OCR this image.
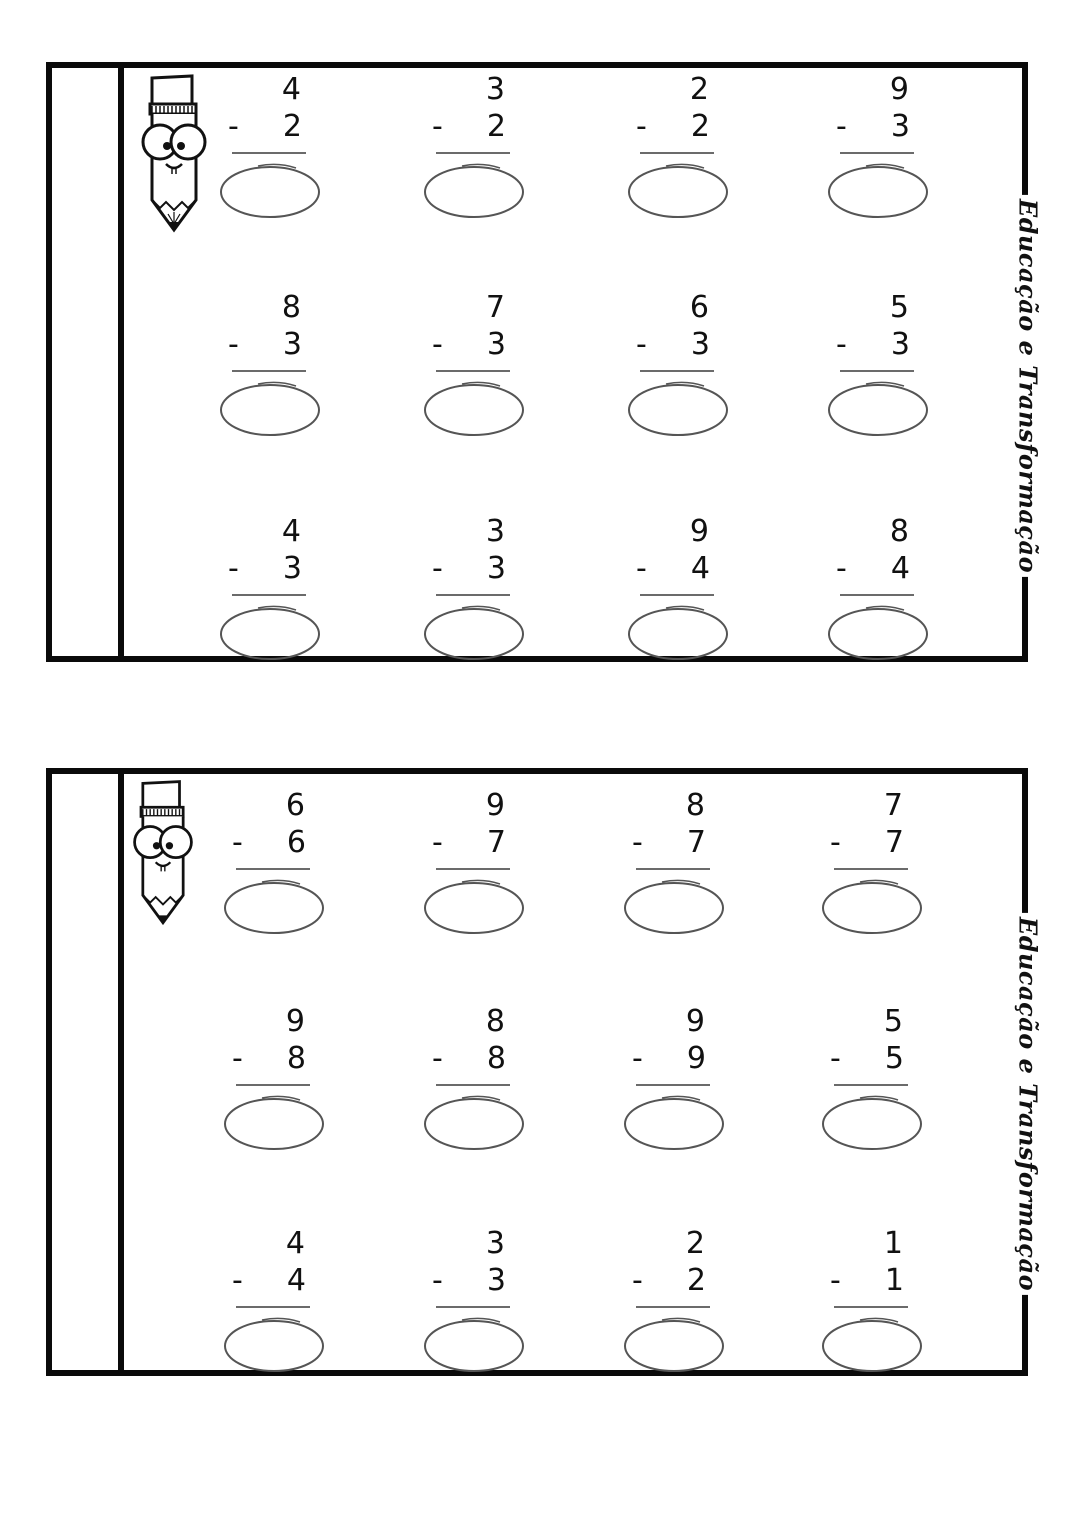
Educação e Transformação
4
- 2
3
- 2
2
- 2
9
- 3
8
- 3
7
- 3
6
- 3
5
- 3
4
- 3
3
- 3
9
- 4
8
- 4
Educação e Transformação
6
- 6
9
- 7
8
- 7
7
- 7
9
- 8
8
- 8
9
- 9
5
- 5
4
- 4
3
- 3
2
- 2
1
- 1
